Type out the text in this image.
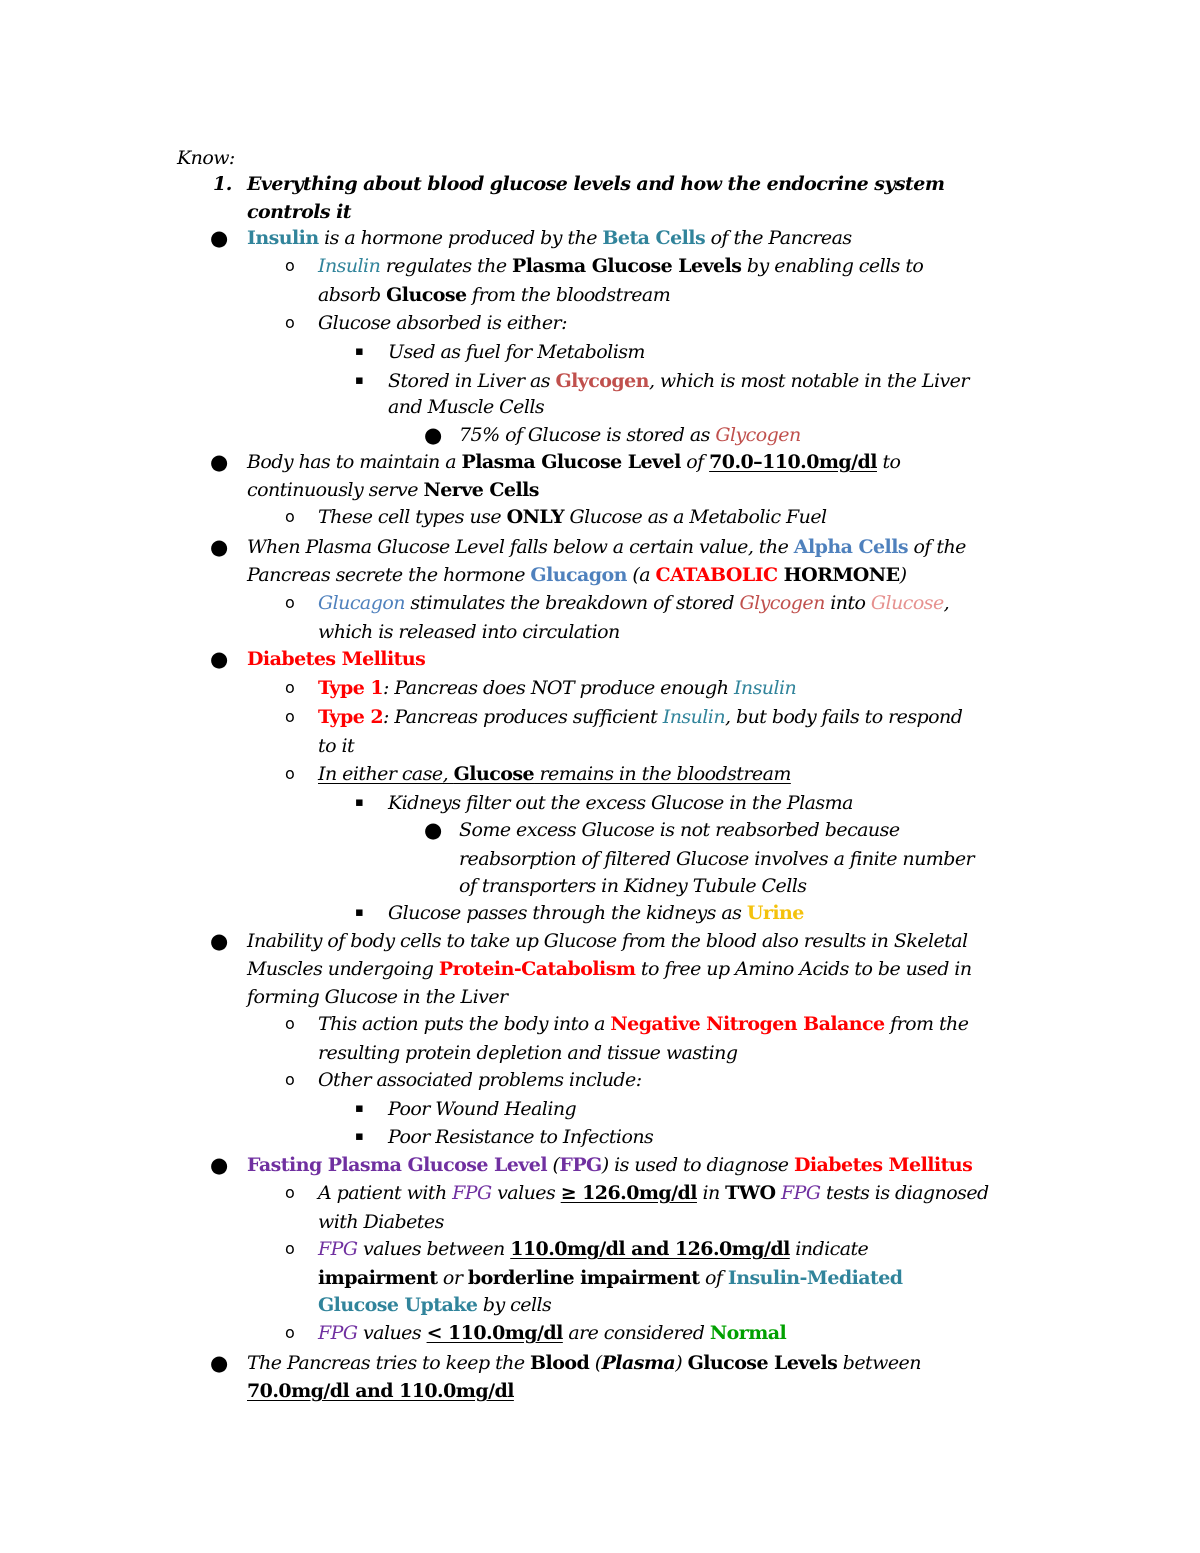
Know:

1. Everything about blood glucose levels and how the endocrine system

controls it

● Insulin is a hormone produced by the Beta Cells of the Pancreas

o Insulin regulates the Plasma Glucose Levels by enabling cells to

absorb Glucose from the bloodstream

o Glucose absorbed is either:

▪ Used as fuel for Metabolism

▪ Stored in Liver as Glycogen, which is most notable in the Liver

and Muscle Cells

● 75% of Glucose is stored as Glycogen

● Body has to maintain a Plasma Glucose Level of 70.0–110.0mg/dl to

continuously serve Nerve Cells

o These cell types use ONLY Glucose as a Metabolic Fuel

● When Plasma Glucose Level falls below a certain value, the Alpha Cells of the

Pancreas secrete the hormone Glucagon (a CATABOLIC HORMONE)

o Glucagon stimulates the breakdown of stored Glycogen into Glucose,

which is released into circulation

● Diabetes Mellitus

o Type 1: Pancreas does NOT produce enough Insulin

o Type 2: Pancreas produces sufficient Insulin, but body fails to respond

to it

o In either case, Glucose remains in the bloodstream

▪ Kidneys filter out the excess Glucose in the Plasma

● Some excess Glucose is not reabsorbed because

reabsorption of filtered Glucose involves a finite number

of transporters in Kidney Tubule Cells

▪ Glucose passes through the kidneys as Urine

● Inability of body cells to take up Glucose from the blood also results in Skeletal

Muscles undergoing Protein-Catabolism to free up Amino Acids to be used in

forming Glucose in the Liver

o This action puts the body into a Negative Nitrogen Balance from the

resulting protein depletion and tissue wasting

o Other associated problems include:

▪ Poor Wound Healing

▪ Poor Resistance to Infections

● Fasting Plasma Glucose Level (FPG) is used to diagnose Diabetes Mellitus

o A patient with FPG values ≥ 126.0mg/dl in TWO FPG tests is diagnosed

with Diabetes

o FPG values between 110.0mg/dl and 126.0mg/dl indicate

impairment or borderline impairment of Insulin-Mediated

Glucose Uptake by cells

o FPG values < 110.0mg/dl are considered Normal

● The Pancreas tries to keep the Blood (Plasma) Glucose Levels between

70.0mg/dl and 110.0mg/dl
